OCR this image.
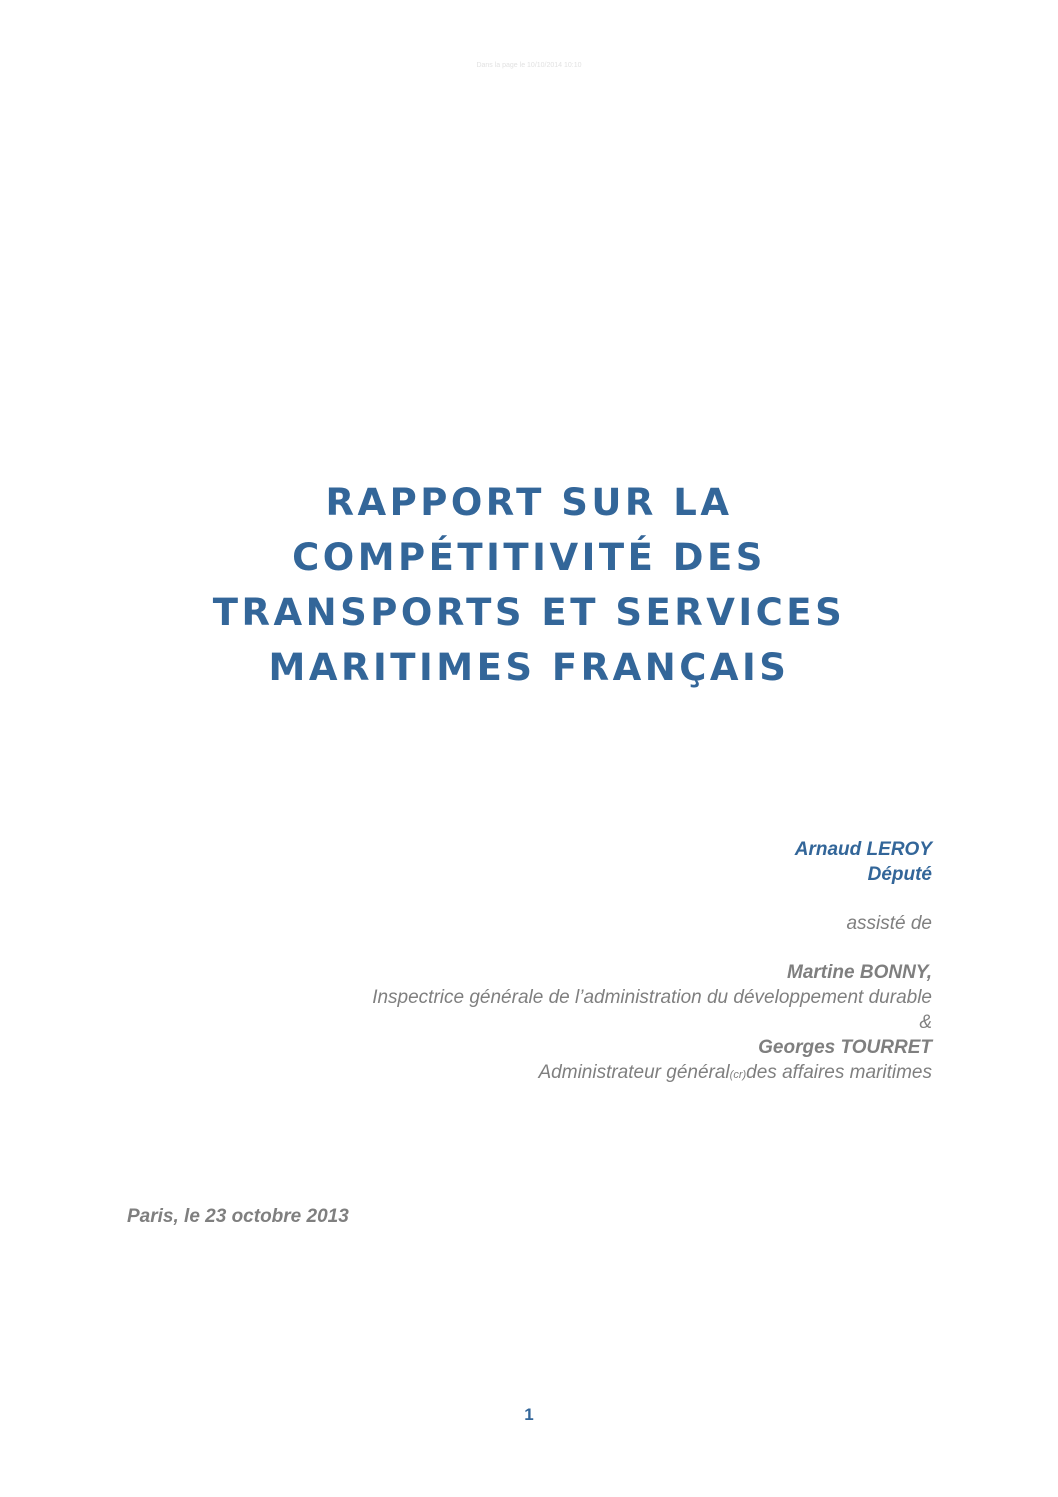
Dans la page le 10/10/2014 10:10
RAPPORT SUR LA
COMPÉTITIVITÉ DES
TRANSPORTS ET SERVICES
MARITIMES FRANÇAIS
Arnaud LEROY
Député
assisté de
Martine BONNY,
Inspectrice générale de l’administration du développement durable
&
Georges TOURRET
Administrateur général(cr)des affaires maritimes
Paris, le 23 octobre 2013
1
